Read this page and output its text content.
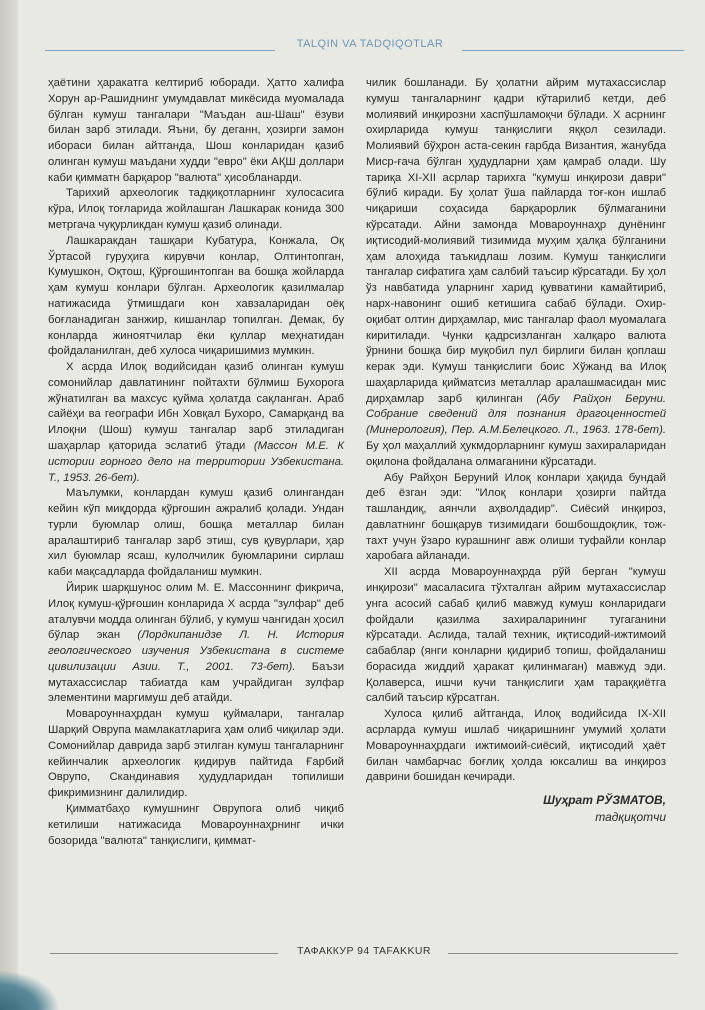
TALQIN VA TADQIQOTLAR

ҳаётини ҳаракатга келтириб юборади. Ҳатто халифа Хорун ар-Рашиднинг умумдавлат микёсида муомалада бўлган кумуш тангалари "Маъдан аш-Шаш" ёзуви билан зарб этилади. Яъни, бу деганн, ҳозирги замон ибораси билан айтганда, Шош конларидан қазиб олинган кумуш маъдани худди "евро" ёки АҚШ доллари каби қимматн барқарор "валюта" ҳисобланарди.

Тарихий археологик тадқиқотларнинг хулосасига кўра, Илоқ тоғларида жойлашган Лашкарак конида 300 метргача чуқурликдан кумуш қазиб олинади.

Лашкаракдан ташқари Кубатура, Конжала, Оқ Ўртасой гуруҳига кирувчи конлар, Олтинтопган, Кумушкон, Оқтош, Қўрғошинтопган ва бошқа жойларда ҳам кумуш конлари бўлган. Археологик қазилмалар натижасида ўтмишдаги кон хавзаларидан оёқ боғланадиган занжир, кишанлар топилган. Демак, бу конларда жиноятчилар ёки қуллар меҳнатидан фойдаланилган, деб хулоса чиқаришимиз мумкин.

X асрда Илоқ водийсидан қазиб олинган кумуш сомонийлар давлатининг пойтахти бўлмиш Бухорога жўнатилган ва махсус қуйма ҳолатда сақланган. Араб сайёҳи ва географи Ибн Ховқал Бухоро, Самарқанд ва Илоқни (Шош) кумуш тангалар зарб этиладиган шаҳарлар қаторида эслатиб ўтади (Массон М.Е. К истории горного дело на территории Узбекистана. Т., 1953. 26-бет).

Маълумки, конлардан кумуш қазиб олингандан кейин кўп миқдорда қўрғошин ажралиб қолади. Ундан турли буюмлар олиш, бошқа металлар билан аралаштириб тангалар зарб этиш, сув қувурлари, ҳар хил буюмлар ясаш, кулолчилик буюмларини сирлаш каби мақсадларда фойдаланиш мумкин.

Йирик шарқшунос олим М. Е. Массоннинг фикрича, Илоқ кумуш-қўрғошин конларида X асрда "зулфар" деб аталувчи модда олинган бўлиб, у кумуш чангидан ҳосил бўлар экан (Лордкипанидзе Л. Н. История геологического изучения Узбекистана в системе цивилизации Азии. Т., 2001. 73-бет). Баъзи мутахассислар табиатда кам учрайдиган зулфар элементини маргимуш деб атайди.

Мовароуннаҳрдан кумуш қуймалари, тангалар Шарқий Оврупа мамлакатларига ҳам олиб чиқилар эди. Сомонийлар даврида зарб этилган кумуш тангаларнинг кейинчалик археологик қидирув пайтида Ғарбий Оврупо, Скандинавия ҳудудларидан топилиши фикримизнинг далилидир.

Қимматбаҳо кумушнинг Оврупога олиб чиқиб кетилиши натижасида Мовароуннаҳрнинг ички бозорида "валюта" танқислиги, қиммат-

чилик бошланади. Бу ҳолатни айрим мутахассислар кумуш тангаларнинг қадри кўтарилиб кетди, деб молиявий инқирозни хаспўшламоқчи бўлади. X асрнинг охирларида кумуш танқислиги яққол сезилади. Молиявий бўҳрон аста-секин ғарбда Византия, жанубда Миср-ғача бўлган ҳудудларни ҳам қамраб олади. Шу тариқа XI-XII асрлар тарихга "кумуш инқирози даври" бўлиб киради. Бу ҳолат ўша пайларда тоғ-кон ишлаб чиқариши соҳасида барқарорлик бўлмаганини кўрсатади. Айни замонда Мовароуннаҳр дунёнинг иқтисодий-молиявий тизимида муҳим ҳалқа бўлганини ҳам алоҳида таъкидлаш лозим. Кумуш танқислиги тангалар сифатига ҳам салбий таъсир кўрсатади. Бу ҳол ўз навбатида уларнинг харид қувватини камайтириб, нарх-навонинг ошиб кетишига сабаб бўлади. Охир-оқибат олтин дирҳамлар, мис тангалар фаол муомалага киритилади. Чунки қадрсизланган халқаро валюта ўрнини бошқа бир муқобил пул бирлиги билан қоплаш керак эди. Кумуш танқислиги боис Хўжанд ва Илоқ шаҳарларида қийматсиз металлар аралашмасидан мис дирҳамлар зарб қилинган (Абу Райҳон Беруни. Собрание сведений для познания драгоценностей (Минерология), Пер. А.М.Белецкого. Л., 1963. 178-бет). Бу ҳол маҳаллий ҳукмдорларнинг кумуш захираларидан оқилона фойдалана олмаганини кўрсатади.

Абу Райҳон Беруний Илоқ конлари ҳақида бундай деб ёзган эди: "Илоқ конлари ҳозирги пайтда ташландиқ, аянчли аҳволдадир". Сиёсий инқироз, давлатнинг бошқарув тизимидаги бошбошдоқлик, тож-тахт учун ўзаро курашнинг авж олиши туфайли конлар харобага айланади.

XII асрда Мовароуннаҳрда рўй берган "кумуш инқирози" масаласига тўхталган айрим мутахассислар унга асосий сабаб қилиб мавжуд кумуш конларидаги фойдали қазилма захираларининг тугаганини кўрсатади. Аслида, талай техник, иқтисодий-ижтимоий сабаблар (янги конларни қидириб топиш, фойдаланиш борасида жиддий ҳаракат қилинмаган) мавжуд эди. Қолаверса, ишчи кучи танқислиги ҳам тараққиётга салбий таъсир кўрсатган.

Хулоса қилиб айтганда, Илоқ водийсида IX-XII асрларда кумуш ишлаб чиқаришнинг умумий ҳолати Мовароуннаҳрдаги ижтимоий-сиёсий, иқтисодий ҳаёт билан чамбарчас боғлиқ ҳолда юксалиш ва инқироз даврини бошидан кечиради.

Шуҳрат РЎЗМАТОВ,
тадқиқотчи
ТАФАККУР 94 TAFAKKUR
